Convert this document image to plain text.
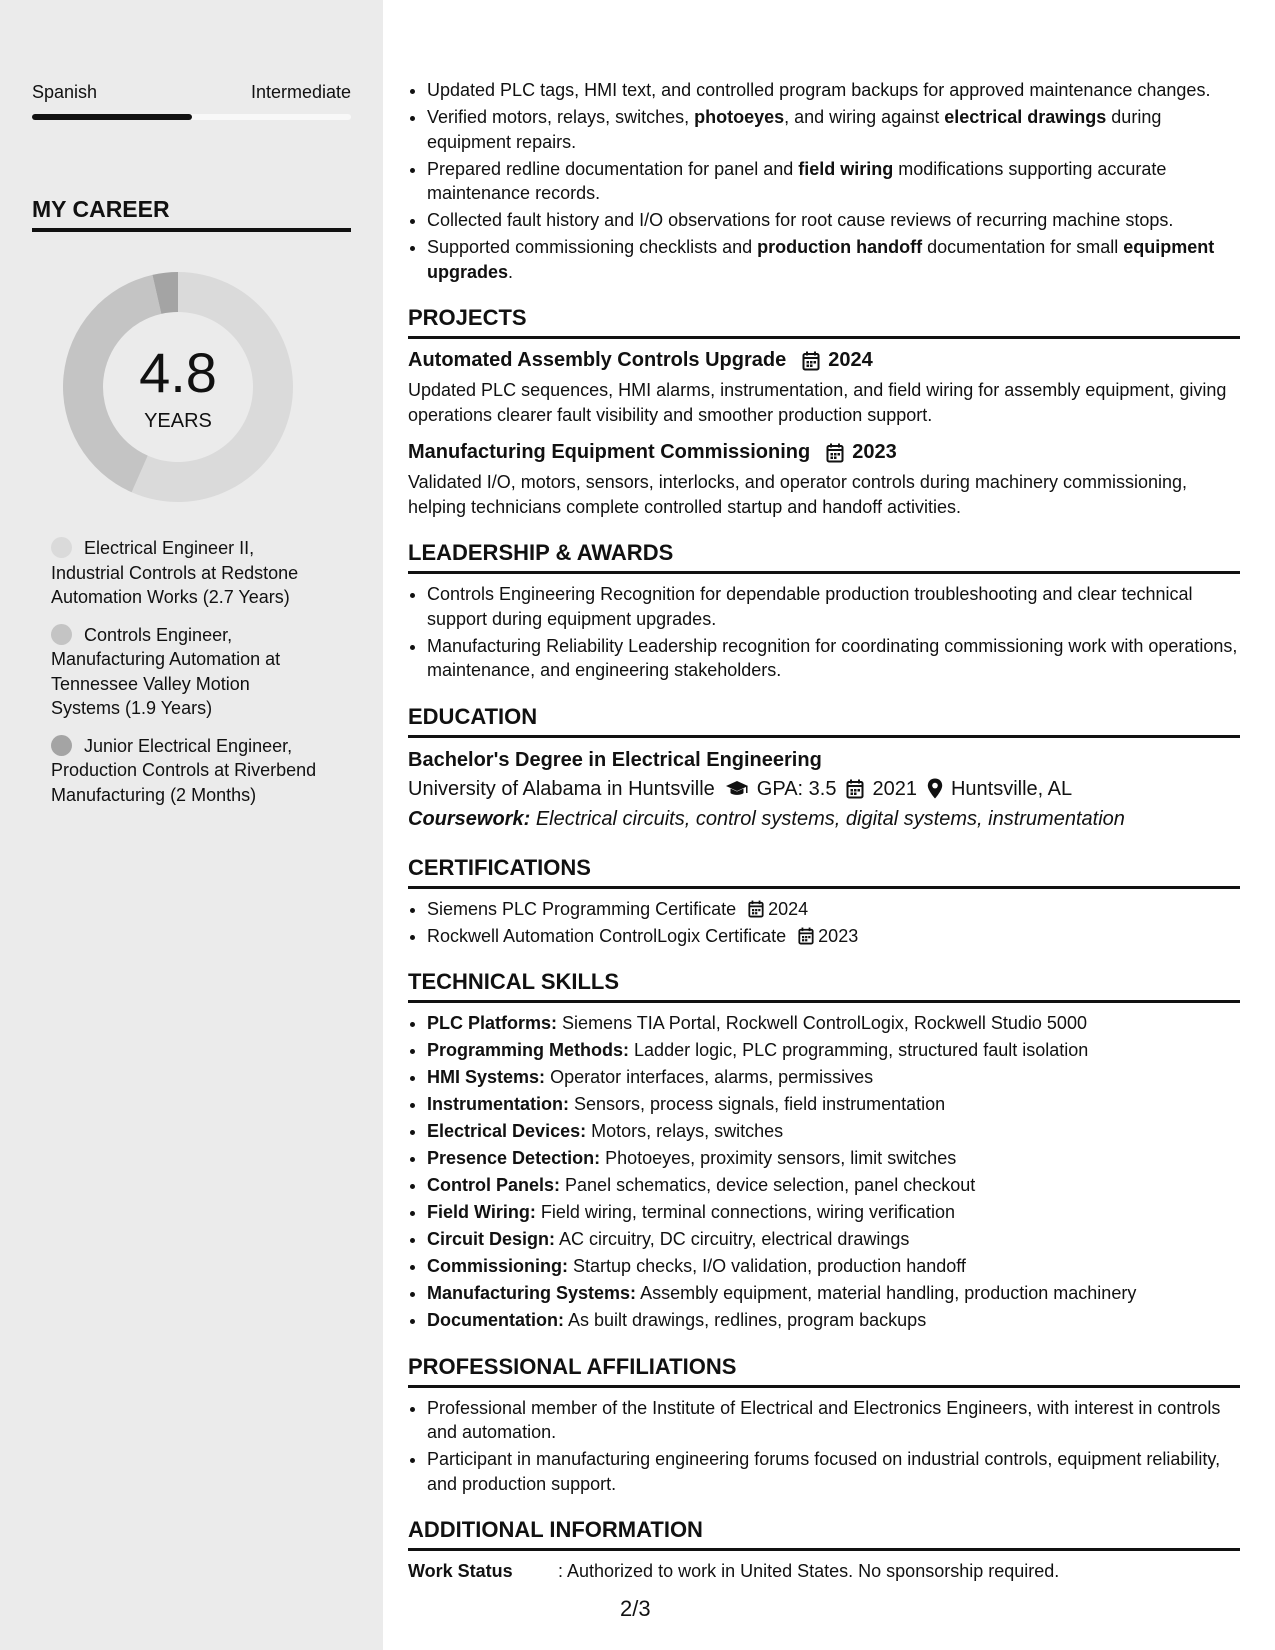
Spanish	Intermediate
MY CAREER
4.8
YEARS
Electrical Engineer II, Industrial Controls at Redstone Automation Works (2.7 Years)
Controls Engineer, Manufacturing Automation at Tennessee Valley Motion Systems (1.9 Years)
Junior Electrical Engineer, Production Controls at Riverbend Manufacturing (2 Months)
• Updated PLC tags, HMI text, and controlled program backups for approved maintenance changes.
• Verified motors, relays, switches, photoeyes, and wiring against electrical drawings during equipment repairs.
• Prepared redline documentation for panel and field wiring modifications supporting accurate maintenance records.
• Collected fault history and I/O observations for root cause reviews of recurring machine stops.
• Supported commissioning checklists and production handoff documentation for small equipment upgrades.
PROJECTS
Automated Assembly Controls Upgrade 2024
Updated PLC sequences, HMI alarms, instrumentation, and field wiring for assembly equipment, giving operations clearer fault visibility and smoother production support.
Manufacturing Equipment Commissioning 2023
Validated I/O, motors, sensors, interlocks, and operator controls during machinery commissioning, helping technicians complete controlled startup and handoff activities.
LEADERSHIP & AWARDS
• Controls Engineering Recognition for dependable production troubleshooting and clear technical support during equipment upgrades.
• Manufacturing Reliability Leadership recognition for coordinating commissioning work with operations, maintenance, and engineering stakeholders.
EDUCATION
Bachelor's Degree in Electrical Engineering
University of Alabama in Huntsville GPA: 3.5 2021 Huntsville, AL
Coursework: Electrical circuits, control systems, digital systems, instrumentation
CERTIFICATIONS
• Siemens PLC Programming Certificate 2024
• Rockwell Automation ControlLogix Certificate 2023
TECHNICAL SKILLS
• PLC Platforms: Siemens TIA Portal, Rockwell ControlLogix, Rockwell Studio 5000
• Programming Methods: Ladder logic, PLC programming, structured fault isolation
• HMI Systems: Operator interfaces, alarms, permissives
• Instrumentation: Sensors, process signals, field instrumentation
• Electrical Devices: Motors, relays, switches
• Presence Detection: Photoeyes, proximity sensors, limit switches
• Control Panels: Panel schematics, device selection, panel checkout
• Field Wiring: Field wiring, terminal connections, wiring verification
• Circuit Design: AC circuitry, DC circuitry, electrical drawings
• Commissioning: Startup checks, I/O validation, production handoff
• Manufacturing Systems: Assembly equipment, material handling, production machinery
• Documentation: As built drawings, redlines, program backups
PROFESSIONAL AFFILIATIONS
• Professional member of the Institute of Electrical and Electronics Engineers, with interest in controls and automation.
• Participant in manufacturing engineering forums focused on industrial controls, equipment reliability, and production support.
ADDITIONAL INFORMATION
Work Status	: Authorized to work in United States. No sponsorship required.
2/3
